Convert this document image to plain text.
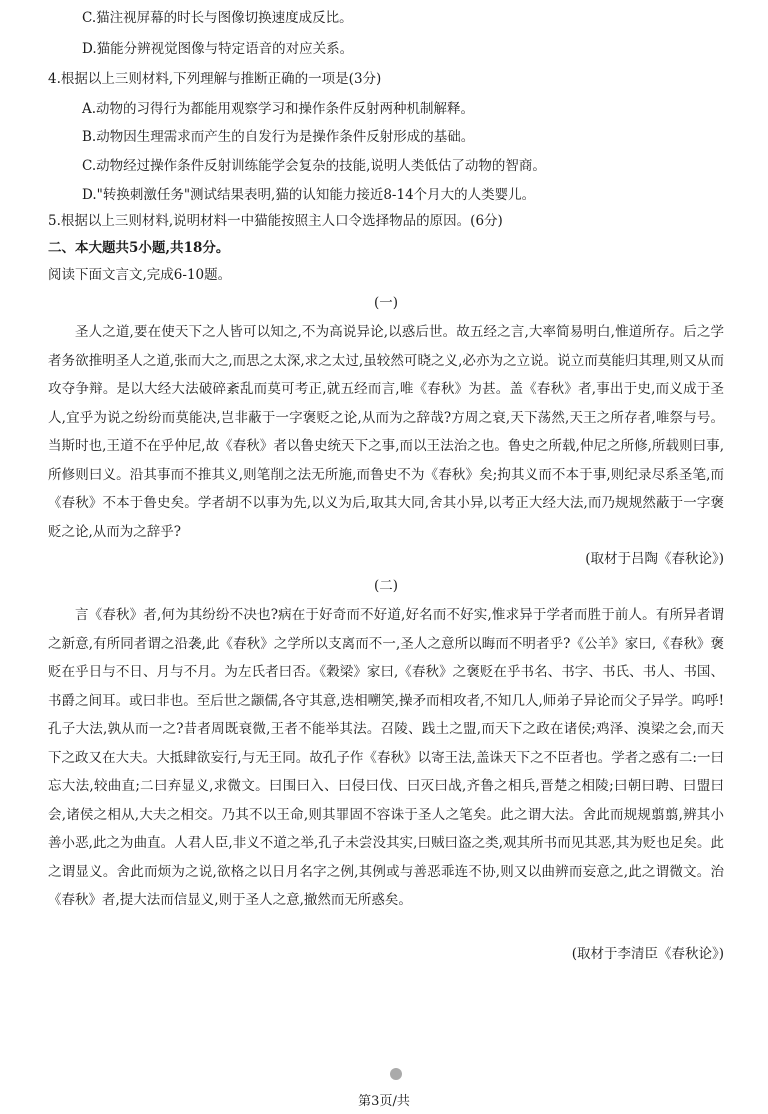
C.猫注视屏幕的时长与图像切换速度成反比。
D.猫能分辨视觉图像与特定语音的对应关系。
4.根据以上三则材料,下列理解与推断正确的一项是(3分)
A.动物的习得行为都能用观察学习和操作条件反射两种机制解释。
B.动物因生理需求而产生的自发行为是操作条件反射形成的基础。
C.动物经过操作条件反射训练能学会复杂的技能,说明人类低估了动物的智商。
D."转换刺激任务"测试结果表明,猫的认知能力接近8-14个月大的人类婴儿。
5.根据以上三则材料,说明材料一中猫能按照主人口令选择物品的原因。(6分)
二、本大题共5小题,共18分。
阅读下面文言文,完成6-10题。
(一)

圣人之道,要在使天下之人皆可以知之,不为高说异论,以惑后世。故五经之言,大率简易明白,惟道所存。后之学者务欲推明圣人之道,张而大之,而思之太深,求之太过,虽较然可晓之义,必亦为之立说。说立而莫能归其理,则又从而攻夺争辩。是以大经大法破碎紊乱而莫可考正,就五经而言,唯《春秋》为甚。盖《春秋》者,事出于史,而义成于圣人,宜乎为说之纷纷而莫能决,岂非蔽于一字褒贬之论,从而为之辞哉?方周之衰,天下荡然,天王之所存者,唯祭与号。当斯时也,王道不在乎仲尼,故《春秋》者以鲁史统天下之事,而以王法治之也。鲁史之所载,仲尼之所修,所载则曰事,所修则曰义。沿其事而不推其义,则笔削之法无所施,而鲁史不为《春秋》矣;拘其义而不本于事,则纪录尽系圣笔,而《春秋》不本于鲁史矣。学者胡不以事为先,以义为后,取其大同,舍其小异,以考正大经大法,而乃规规然蔽于一字褒贬之论,从而为之辞乎?

(取材于吕陶《春秋论》)
(二)

言《春秋》者,何为其纷纷不决也?病在于好奇而不好道,好名而不好实,惟求异于学者而胜于前人。有所异者谓之新意,有所同者谓之沿袭,此《春秋》之学所以支离而不一,圣人之意所以晦而不明者乎?《公羊》家曰,《春秋》褒贬在乎日与不日、月与不月。为左氏者曰否。《穀梁》家曰,《春秋》之褒贬在乎书名、书字、书氏、书人、书国、书爵之间耳。或曰非也。至后世之颛儒,各守其意,迭相嗍笑,操矛而相攻者,不知几人,师弟子异论而父子异学。呜呼!孔子大法,孰从而一之?昔者周既衰微,王者不能举其法。召陵、践土之盟,而天下之政在诸侯;鸡泽、溴梁之会,而天下之政又在大夫。大抵肆欲妄行,与无王同。故孔子作《春秋》以寄王法,盖诛天下之不臣者也。学者之惑有二:一曰忘大法,较曲直;二曰弃显义,求微文。曰围曰入、曰侵曰伐、曰灭曰战,齐鲁之相兵,晋楚之相陵;曰朝曰聘、曰盟曰会,诸侯之相从,大夫之相交。乃其不以王命,则其罪固不容诛于圣人之笔矣。此之谓大法。舍此而规规翦翦,辨其小善小恶,此之为曲直。人君人臣,非义不道之举,孔子未尝没其实,曰贼曰盗之类,观其所书而见其恶,其为贬也足矣。此之谓显义。舍此而烦为之说,欲格之以日月名字之例,其例或与善恶乖连不协,则又以曲辨而妄意之,此之谓微文。治《春秋》者,提大法而信显义,则于圣人之意,撤然而无所惑矣。

(取材于李清臣《春秋论》)
第3页/共
